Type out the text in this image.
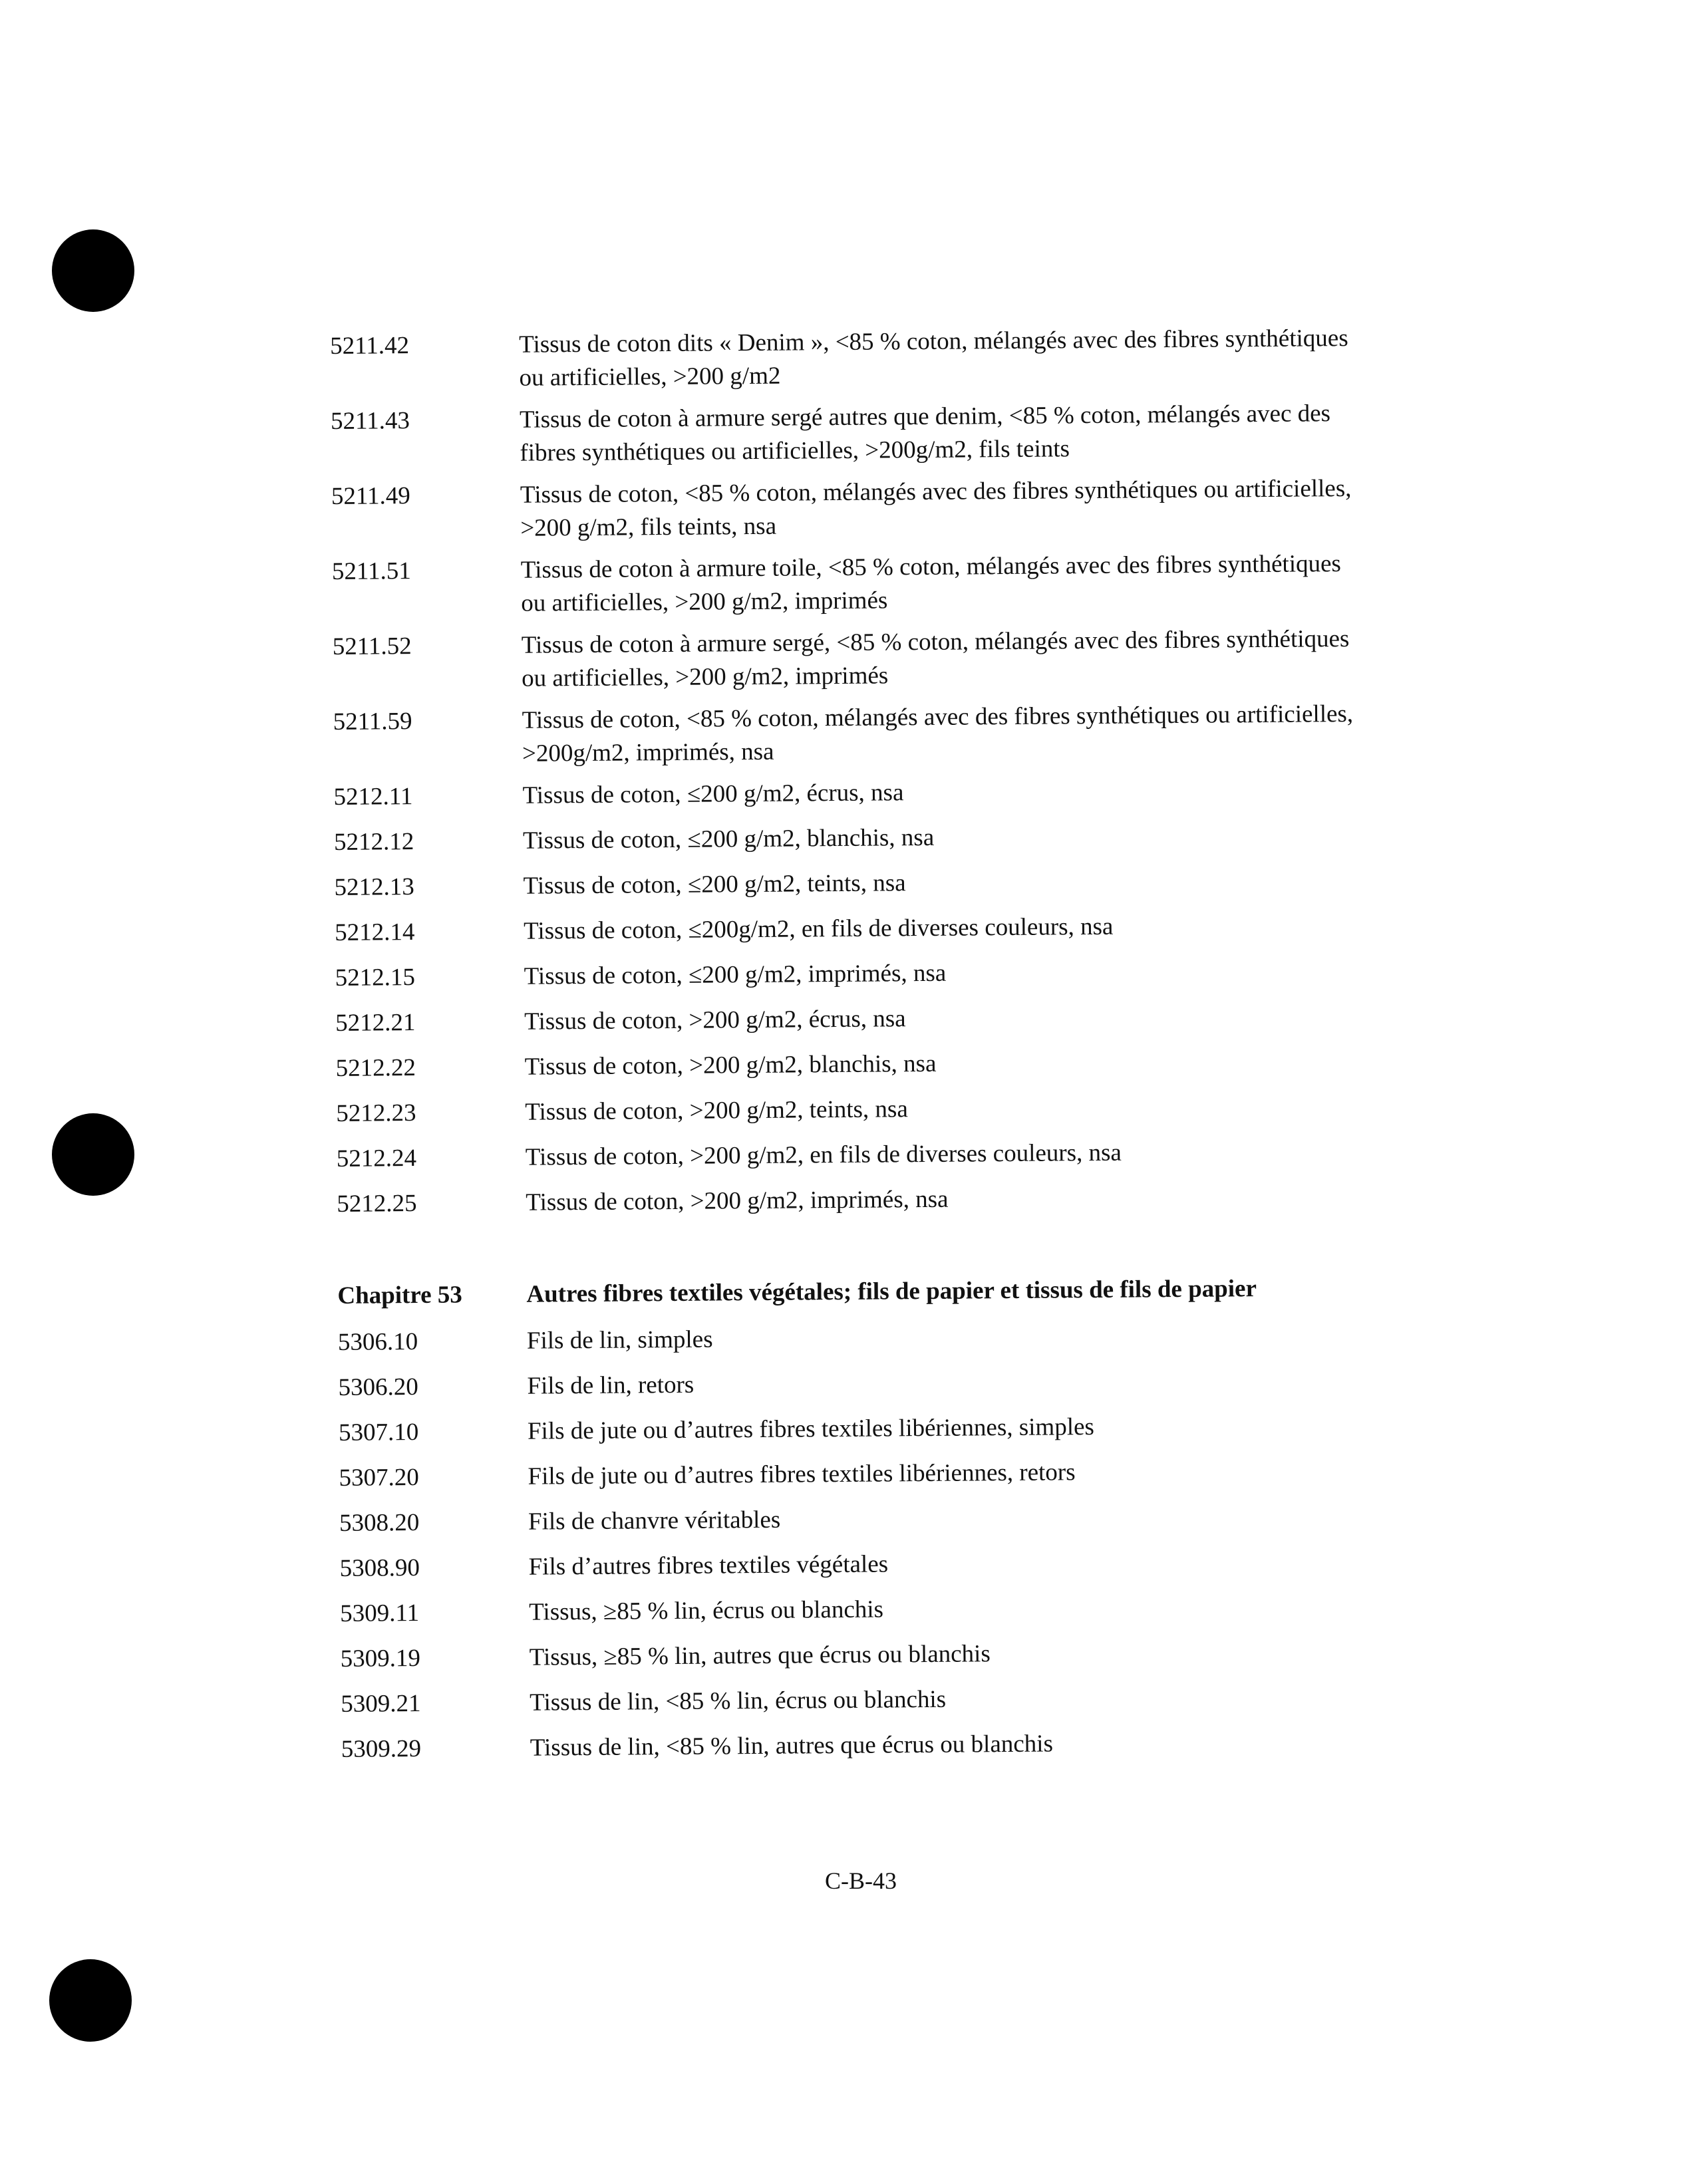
5211.42	Tissus de coton dits « Denim », <85 % coton, mélangés avec des fibres synthétiques ou artificielles, >200 g/m2
5211.43	Tissus de coton à armure sergé autres que denim, <85 % coton, mélangés avec des fibres synthétiques ou artificielles, >200g/m2, fils teints
5211.49	Tissus de coton, <85 % coton, mélangés avec des fibres synthétiques ou artificielles, >200 g/m2, fils teints, nsa
5211.51	Tissus de coton à armure toile, <85 % coton, mélangés avec des fibres synthétiques ou artificielles, >200 g/m2, imprimés
5211.52	Tissus de coton à armure sergé, <85 % coton, mélangés avec des fibres synthétiques ou artificielles, >200 g/m2, imprimés
5211.59	Tissus de coton, <85 % coton, mélangés avec des fibres synthétiques ou artificielles, >200g/m2, imprimés, nsa
5212.11	Tissus de coton, ≤200 g/m2, écrus, nsa
5212.12	Tissus de coton, ≤200 g/m2, blanchis, nsa
5212.13	Tissus de coton, ≤200 g/m2, teints, nsa
5212.14	Tissus de coton, ≤200g/m2, en fils de diverses couleurs, nsa
5212.15	Tissus de coton, ≤200 g/m2, imprimés, nsa
5212.21	Tissus de coton, >200 g/m2, écrus, nsa
5212.22	Tissus de coton, >200 g/m2, blanchis, nsa
5212.23	Tissus de coton, >200 g/m2, teints, nsa
5212.24	Tissus de coton, >200 g/m2, en fils de diverses couleurs, nsa
5212.25	Tissus de coton, >200 g/m2, imprimés, nsa
Chapitre 53	Autres fibres textiles végétales; fils de papier et tissus de fils de papier
5306.10	Fils de lin, simples
5306.20	Fils de lin, retors
5307.10	Fils de jute ou d’autres fibres textiles libériennes, simples
5307.20	Fils de jute ou d’autres fibres textiles libériennes, retors
5308.20	Fils de chanvre véritables
5308.90	Fils d’autres fibres textiles végétales
5309.11	Tissus, ≥85 % lin, écrus ou blanchis
5309.19	Tissus, ≥85 % lin, autres que écrus ou blanchis
5309.21	Tissus de lin, <85 % lin, écrus ou blanchis
5309.29	Tissus de lin, <85 % lin, autres que écrus ou blanchis
C-B-43
